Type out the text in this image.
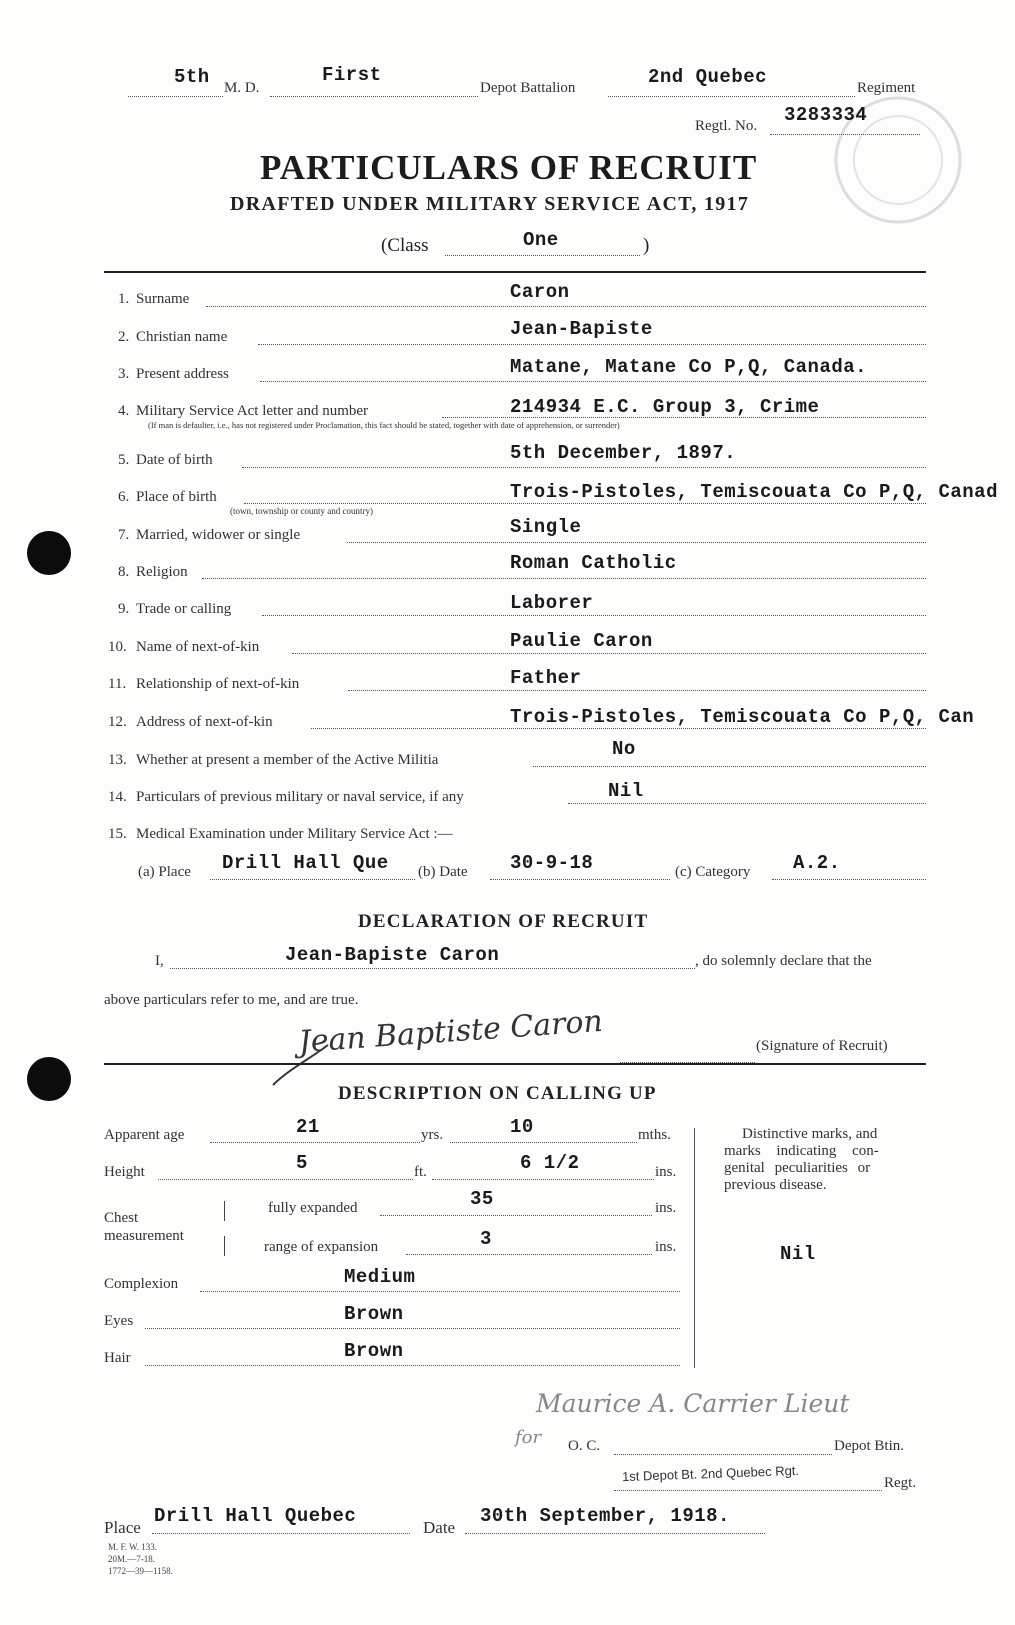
5th M. D.
First
Depot Battalion	2nd Quebec	Regiment
Regtl. No. 3283334
PARTICULARS OF RECRUIT
DRAFTED UNDER MILITARY SERVICE ACT, 1917
(Class	One	)
1. Surname	Caron
2. Christian name	Jean-Bapiste
3. Present address	Matane, Matane Co P,Q, Canada.
4. Military Service Act letter and number	214934 E.C. Group 3, Crime
(If man is defaulter, i.e., has not registered under Proclamation, this fact should be stated, together with date of apprehension, or surrender)
5. Date of birth	5th December, 1897.
6. Place of birth	Trois-Pistoles, Temiscouata Co P,Q, Canad
(town, township or county and country)
7. Married, widower or single	Single
8. Religion	Roman Catholic
9. Trade or calling	Laborer
10. Name of next-of-kin	Paulie Caron
11. Relationship of next-of-kin	Father
12. Address of next-of-kin	Trois-Pistoles, Temiscouata Co P,Q, Can
13. Whether at present a member of the Active Militia	No
14. Particulars of previous military or naval service, if any	Nil
15. Medical Examination under Military Service Act :—
(a) Place Drill Hall Que (b) Date 30-9-18	(c) Category A.2.
DECLARATION OF RECRUIT
I,	Jean-Bapiste Caron	, do solemnly declare that the
above particulars refer to me, and are true.
Jean Baptiste Caron	(Signature of Recruit)
DESCRIPTION ON CALLING UP
Apparent age	21	yrs.	10	mths.
Height	5	ft.	6 1/2	ins.
Chest
measurement
fully expanded	35	ins.
range of expansion	3	ins.
Complexion	Medium
Eyes	Brown
Hair	Brown
Distinctive marks, and
marks indicating con-
genital peculiarities or
previous disease.
Nil
Maurice A. Carrier Lieut
for O. C.	Depot Btin.
1st Depot Bt. 2nd Quebec Rgt.	Regt.
Place
Drill Hall Quebec
Date
30th September, 1918.
M. F. W. 133.
20M.—7-18.
1772—39—1158.
